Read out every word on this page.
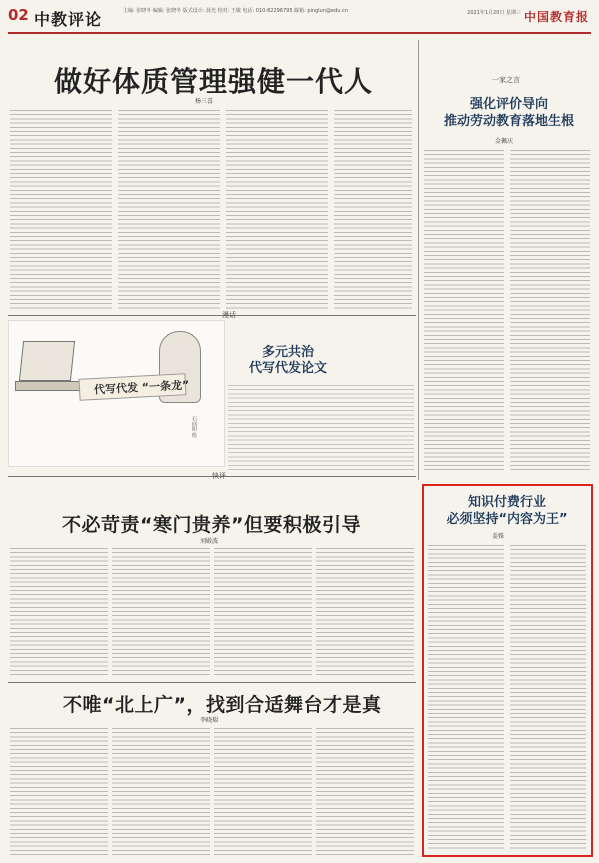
02 中教评论	主编: 张晓冬 编辑: 张晓冬 版式设计: 晨光 校对: 王敏 电话: 010-82296795 邮箱: pinglun@edu.cn	2021年1月20日 星期三 中国教育报
做好体质管理强健一代人
杨三喜
一家之言
强化评价导向
推动劳动教育落地生根
金佩庆
漫话
代写代发 “一条龙”
石向阳 绘
多元共治
代写代发论文
快评
不必苛责“寒门贵养”但要积极引导
刘殿波
不唯“北上广”，找到合适舞台才是真
李晓瑞
知识付费行业
必须坚持“内容为王”
姜姝
